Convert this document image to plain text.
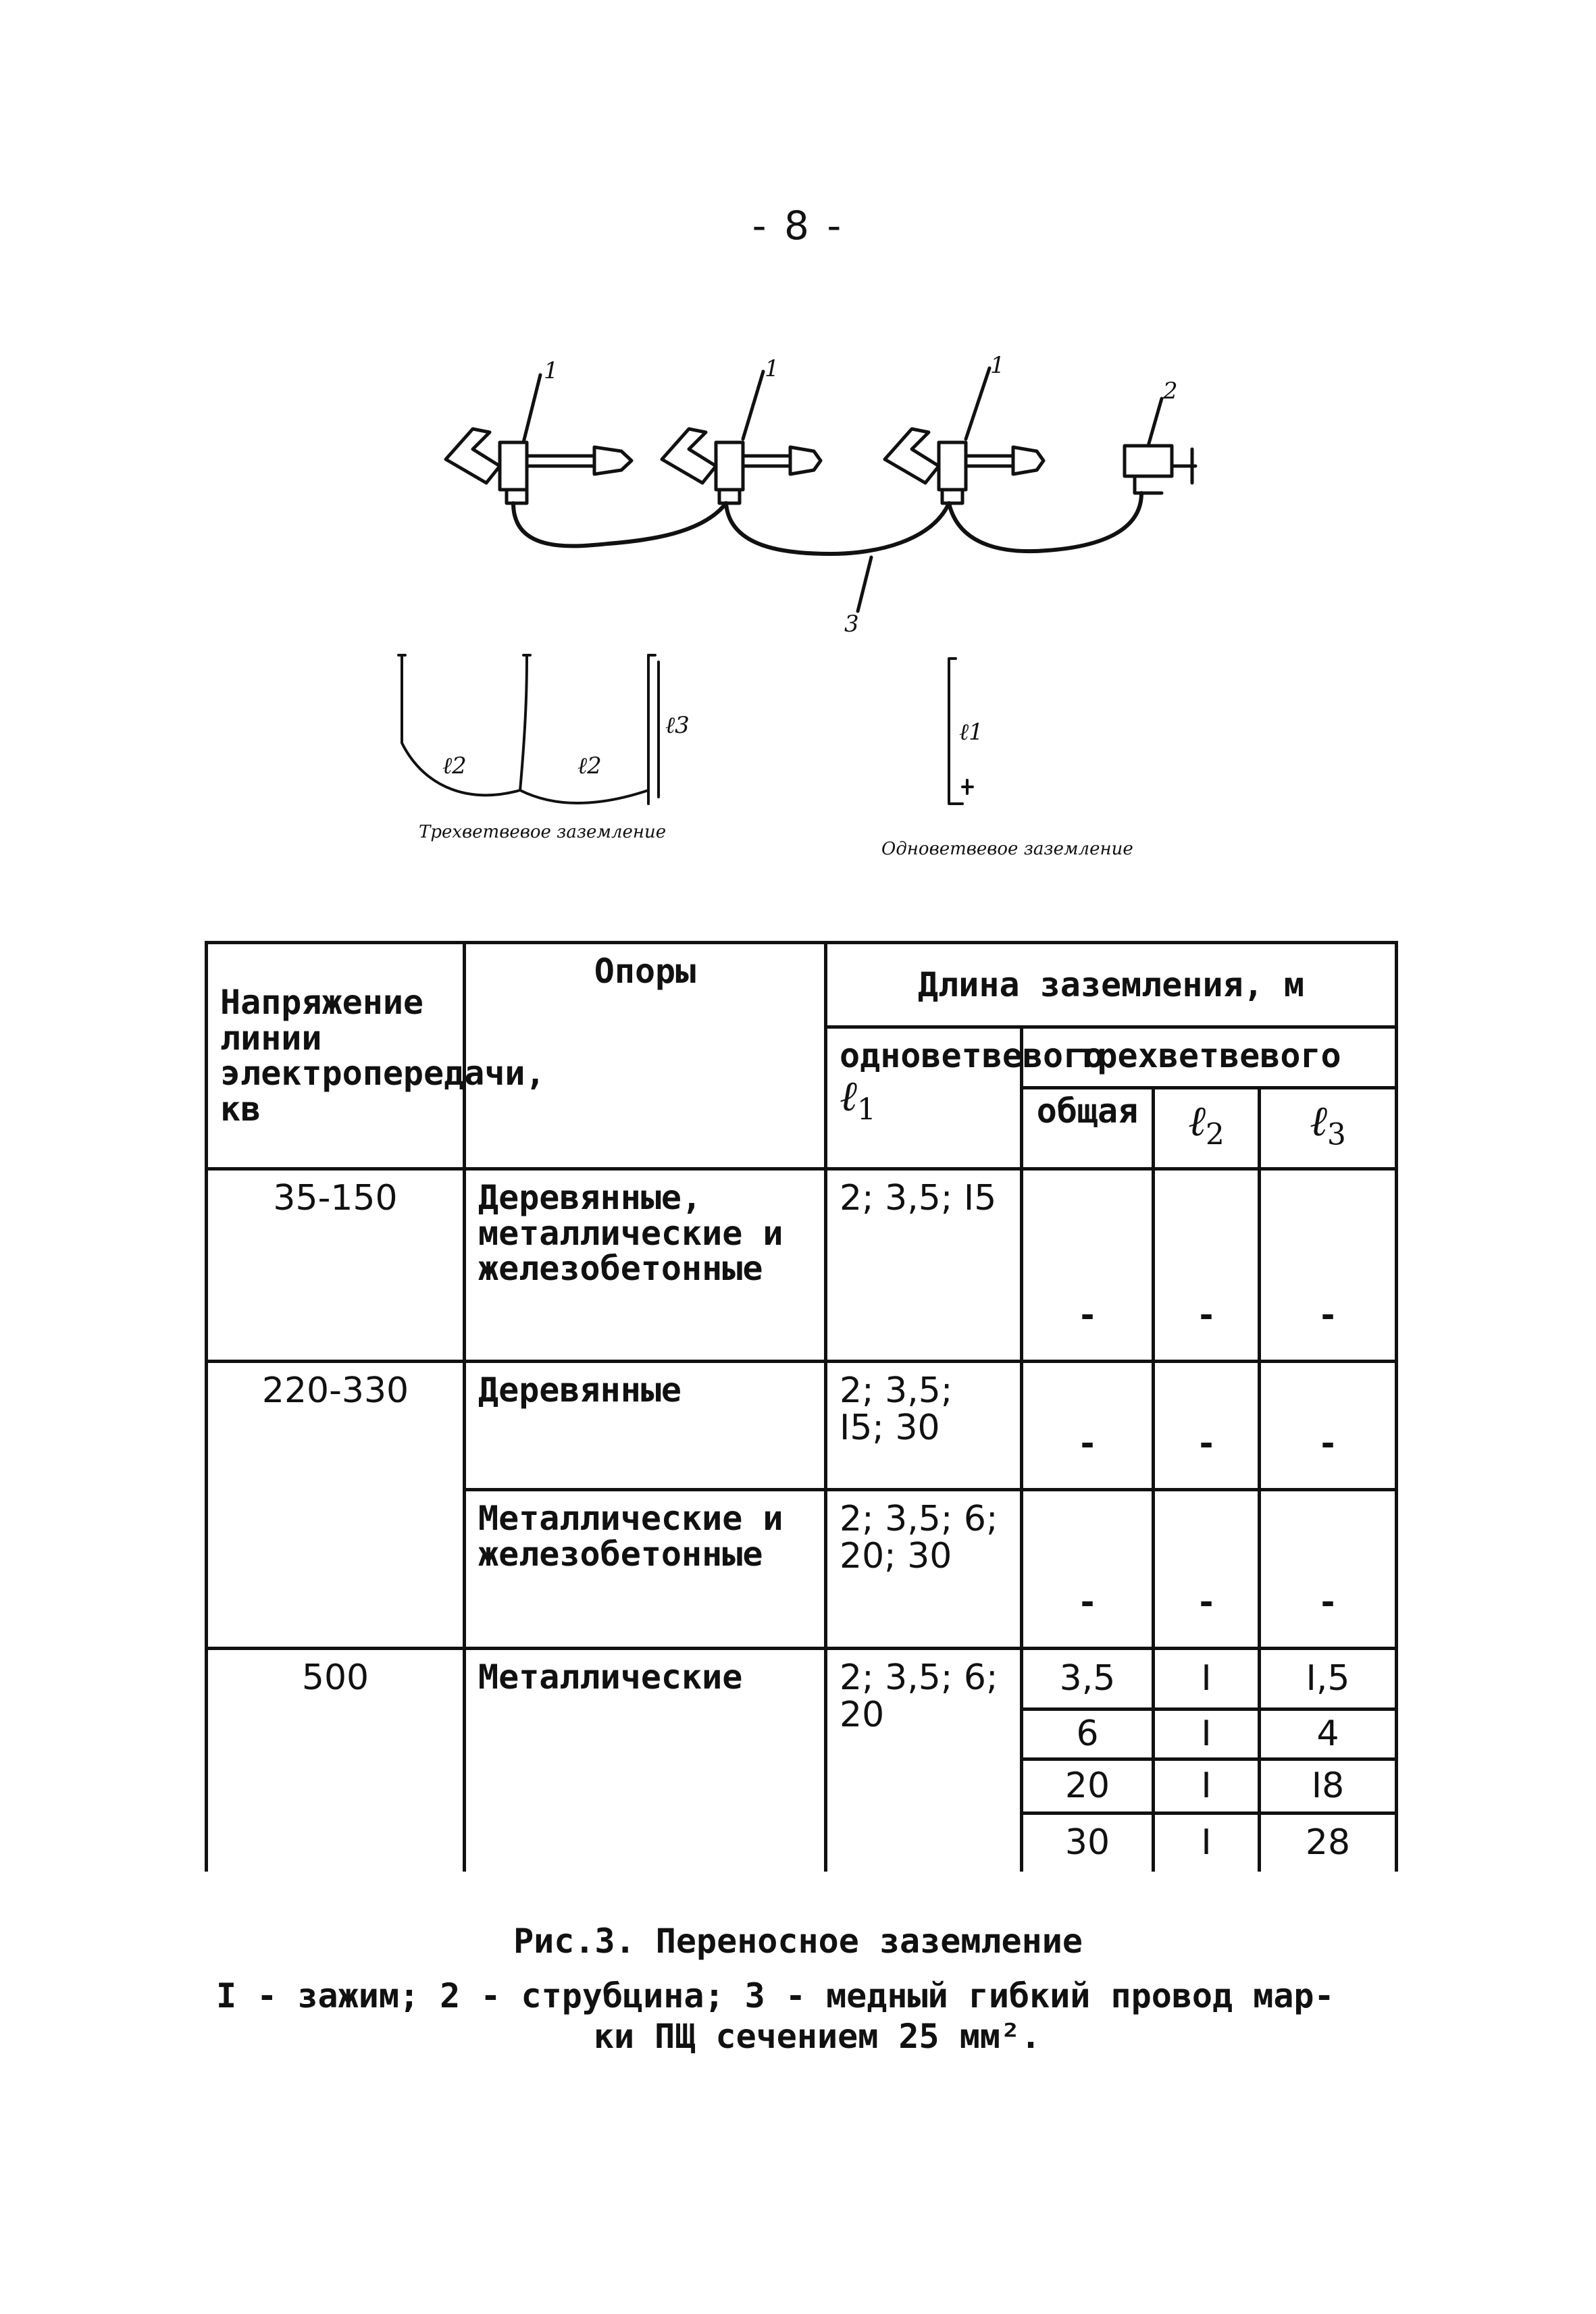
- 8 -
1	1	1
2
3
ℓ2	ℓ2
ℓ3	ℓ1
Трехветвевое заземление
Одноветвевое заземление
Напряжение линии электропередачи, кв	Опоры	Длина заземления, м			
		одноветвевого ℓ$_1$	трехветвевого		
			общая	ℓ$_2$	ℓ$_3$
35-150	Деревянные, металлические и железобетонные	2; 3,5; I5	-	-	-
220-330	Деревянные	2; 3,5; I5; 30	-	-	-
	Металлические и железобетонные	2; 3,5; 6; 20; 30	-	-	-
500	Металлические	2; 3,5; 6; 20	3,5	I	I,5
			6	I	4
			20	I	I8
			30	I	28
Рис.3. Переносное заземление
I - зажим; 2 - струбцина; 3 - медный гибкий провод мар-
ки ПЩ сечением 25 мм².
